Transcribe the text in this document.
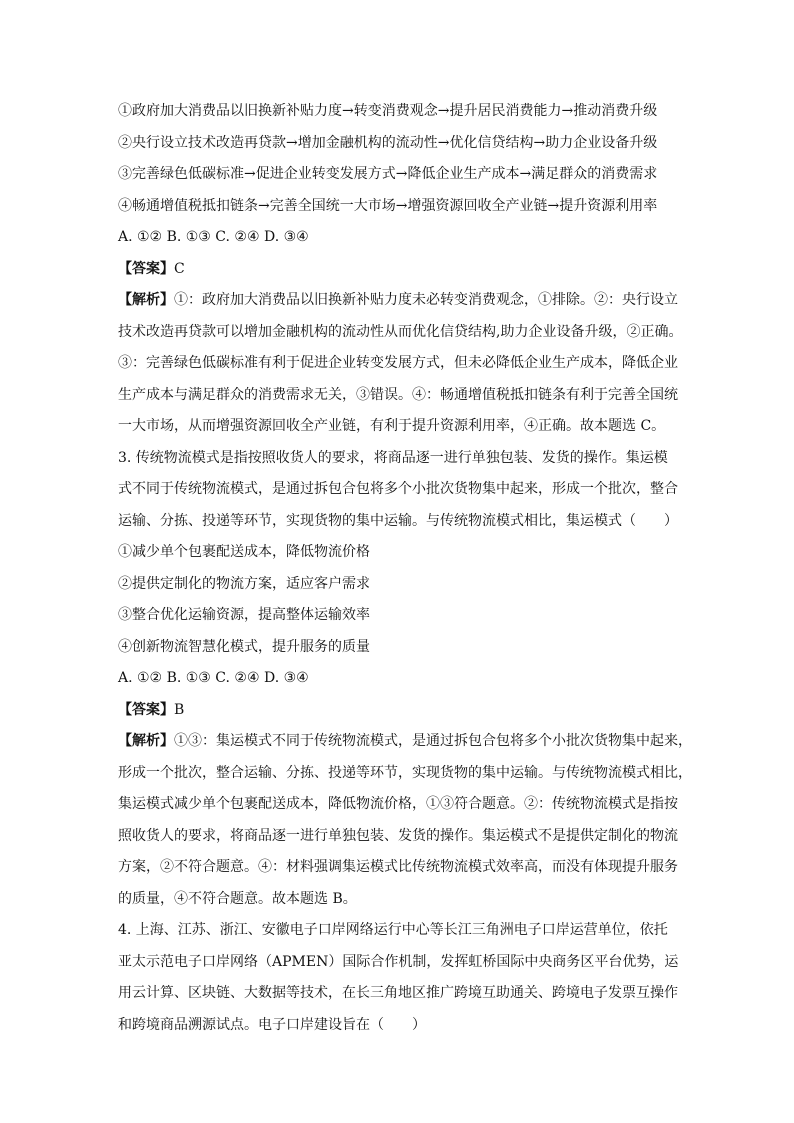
①政府加大消费品以旧换新补贴力度→转变消费观念→提升居民消费能力→推动消费升级
②央行设立技术改造再贷款→增加金融机构的流动性→优化信贷结构→助力企业设备升级
③完善绿色低碳标准→促进企业转变发展方式→降低企业生产成本→满足群众的消费需求
④畅通增值税抵扣链条→完善全国统一大市场→增强资源回收全产业链→提升资源利用率
A. ①② B. ①③ C. ②④ D. ③④
【答案】C
【解析】①：政府加大消费品以旧换新补贴力度未必转变消费观念，①排除。②：央行设立
技术改造再贷款可以增加金融机构的流动性从而优化信贷结构,助力企业设备升级，②正确。
③：完善绿色低碳标准有利于促进企业转变发展方式，但未必降低企业生产成本，降低企业
生产成本与满足群众的消费需求无关，③错误。④：畅通增值税抵扣链条有利于完善全国统
一大市场，从而增强资源回收全产业链，有利于提升资源利用率，④正确。故本题选 C。
3. 传统物流模式是指按照收货人的要求，将商品逐一进行单独包装、发货的操作。集运模
式不同于传统物流模式，是通过拆包合包将多个小批次货物集中起来，形成一个批次，整合
运输、分拣、投递等环节，实现货物的集中运输。与传统物流模式相比，集运模式（　　）
①减少单个包裹配送成本，降低物流价格
②提供定制化的物流方案，适应客户需求
③整合优化运输资源，提高整体运输效率
④创新物流智慧化模式，提升服务的质量
A. ①② B. ①③ C. ②④ D. ③④
【答案】B
【解析】①③：集运模式不同于传统物流模式，是通过拆包合包将多个小批次货物集中起来，
形成一个批次，整合运输、分拣、投递等环节，实现货物的集中运输。与传统物流模式相比，
集运模式减少单个包裹配送成本，降低物流价格，①③符合题意。②：传统物流模式是指按
照收货人的要求，将商品逐一进行单独包装、发货的操作。集运模式不是提供定制化的物流
方案，②不符合题意。④：材料强调集运模式比传统物流模式效率高，而没有体现提升服务
的质量，④不符合题意。故本题选 B。
4. 上海、江苏、浙江、安徽电子口岸网络运行中心等长江三角洲电子口岸运营单位，依托
亚太示范电子口岸网络（APMEN）国际合作机制，发挥虹桥国际中央商务区平台优势，运
用云计算、区块链、大数据等技术，在长三角地区推广跨境互助通关、跨境电子发票互操作
和跨境商品溯源试点。电子口岸建设旨在（　　）
